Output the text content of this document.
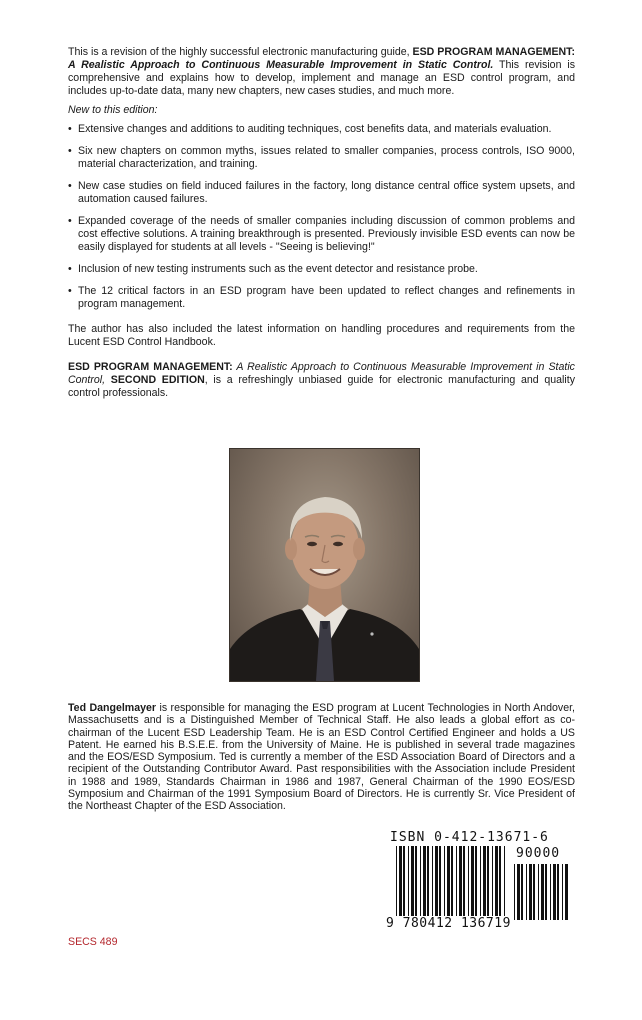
This is a revision of the highly successful electronic manufacturing guide, ESD PROGRAM MANAGEMENT: A Realistic Approach to Continuous Measurable Improvement in Static Control. This revision is comprehensive and explains how to develop, implement and manage an ESD control program, and includes up-to-date data, many new chapters, new cases studies, and much more.

New to this edition:

• Extensive changes and additions to auditing techniques, cost benefits data, and materials evaluation.
• Six new chapters on common myths, issues related to smaller companies, process controls, ISO 9000, material characterization, and training.
• New case studies on field induced failures in the factory, long distance central office system upsets, and automation caused failures.
• Expanded coverage of the needs of smaller companies including discussion of common problems and cost effective solutions. A training breakthrough is presented. Previously invisible ESD events can now be easily displayed for students at all levels - "Seeing is believing!"
• Inclusion of new testing instruments such as the event detector and resistance probe.
• The 12 critical factors in an ESD program have been updated to reflect changes and refinements in program management.

The author has also included the latest information on handling procedures and requirements from the Lucent ESD Control Handbook.

ESD PROGRAM MANAGEMENT: A Realistic Approach to Continuous Measurable Improvement in Static Control, SECOND EDITION, is a refreshingly unbiased guide for electronic manufacturing and quality control professionals.

Ted Dangelmayer is responsible for managing the ESD program at Lucent Technologies in North Andover, Massachusetts and is a Distinguished Member of Technical Staff. He also leads a global effort as co-chairman of the Lucent ESD Leadership Team. He is an ESD Control Certified Engineer and holds a US Patent. He earned his B.S.E.E. from the University of Maine. He is published in several trade magazines and the EOS/ESD Symposium. Ted is currently a member of the ESD Association Board of Directors and a recipient of the Outstanding Contributor Award. Past responsibilities with the Association include President in 1988 and 1989, Standards Chairman in 1986 and 1987, General Chairman of the 1990 EOS/ESD Symposium and Chairman of the 1991 Symposium Board of Directors. He is currently Sr. Vice President of the Northeast Chapter of the ESD Association.

ISBN 0-412-13671-6
90000
9 780412 136719
SECS 489
